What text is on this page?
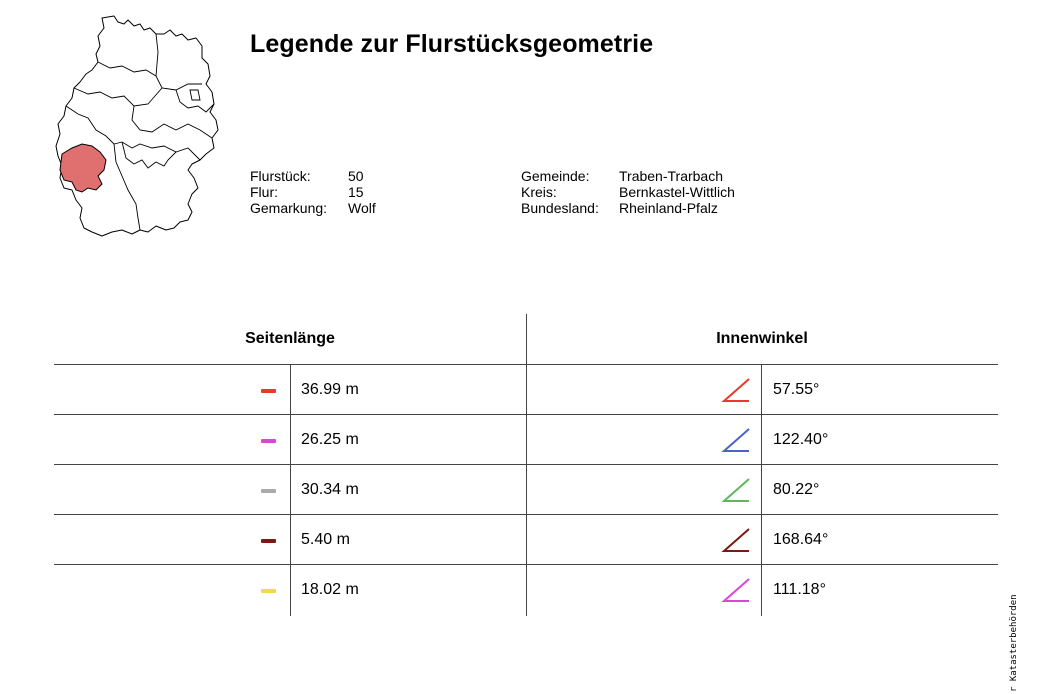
Legende zur Flurstücksgeometrie
Flurstück:	50
Flur:	15
Gemarkung:	Wolf
Gemeinde:	Traben-Trarbach
Kreis:	Bernkastel-Wittlich
Bundesland:	Rheinland-Pfalz
Seitenlänge	Innenwinkel
36.99 m	57.55°
26.25 m	122.40°
30.34 m	80.22°
5.40 m	168.64°
18.02 m	111.18°
r Katasterbehörden
